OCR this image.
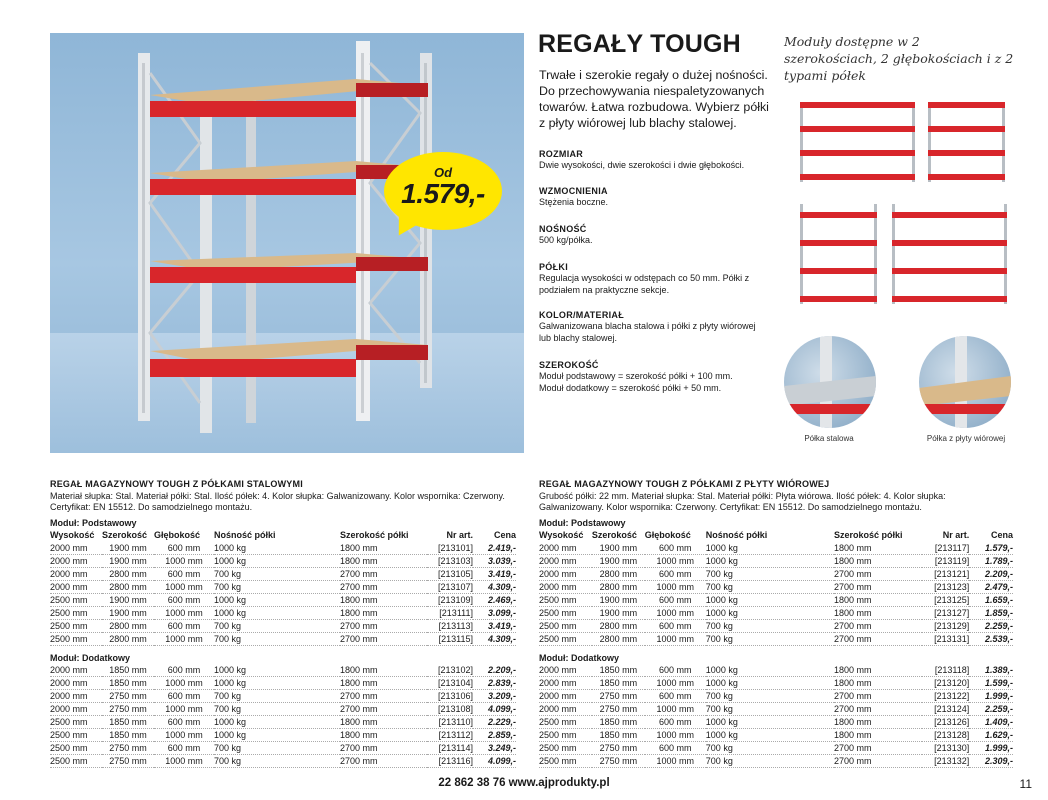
Od
1.579,-
REGAŁY TOUGH
Trwałe i szerokie regały o dużej nośności. Do przechowywania niespaletyzowanych towarów. Łatwa rozbudowa. Wybierz półki z płyty wiórowej lub blachy stalowej.
ROZMIAR

Dwie wysokości, dwie szerokości i dwie głębokości.

WZMOCNIENIA

Stężenia boczne.

NOŚNOŚĆ

500 kg/półka.

PÓŁKI

Regulacja wysokości w odstępach co 50 mm. Półki z podziałem na praktyczne sekcje.

KOLOR/MATERIAŁ

Galwanizowana blacha stalowa i półki z płyty wiórowej lub blachy stalowej.

SZEROKOŚĆ

Moduł podstawowy = szerokość półki + 100 mm.
Moduł dodatkowy = szerokość półki + 50 mm.

Moduły dostępne w 2 szerokościach, 2 głębokościach i z 2 typami półek
Półka stalowa	Półka z płyty wiórowej
REGAŁ MAGAZYNOWY TOUGH Z PÓŁKAMI STALOWYMI
Materiał słupka: Stal. Materiał półki: Stal. Ilość półek: 4. Kolor słupka: Galwanizowany. Kolor wspornika: Czerwony. Certyfikat: EN 15512. Do samodzielnego montażu.
Moduł: Podstawowy
Wysokość	Szerokość	Głębokość	Nośność półki	Szerokość półki	Nr art.	Cena
2000 mm	1900 mm	600 mm	1000 kg	1800 mm	[213101]	2.419,-
2000 mm	1900 mm	1000 mm	1000 kg	1800 mm	[213103]	3.039,-
2000 mm	2800 mm	600 mm	700 kg	2700 mm	[213105]	3.419,-
2000 mm	2800 mm	1000 mm	700 kg	2700 mm	[213107]	4.309,-
2500 mm	1900 mm	600 mm	1000 kg	1800 mm	[213109]	2.469,-
2500 mm	1900 mm	1000 mm	1000 kg	1800 mm	[213111]	3.099,-
2500 mm	2800 mm	600 mm	700 kg	2700 mm	[213113]	3.419,-
2500 mm	2800 mm	1000 mm	700 kg	2700 mm	[213115]	4.309,-
Moduł: Dodatkowy
2000 mm	1850 mm	600 mm	1000 kg	1800 mm	[213102]	2.209,-
2000 mm	1850 mm	1000 mm	1000 kg	1800 mm	[213104]	2.839,-
2000 mm	2750 mm	600 mm	700 kg	2700 mm	[213106]	3.209,-
2000 mm	2750 mm	1000 mm	700 kg	2700 mm	[213108]	4.099,-
2500 mm	1850 mm	600 mm	1000 kg	1800 mm	[213110]	2.229,-
2500 mm	1850 mm	1000 mm	1000 kg	1800 mm	[213112]	2.859,-
2500 mm	2750 mm	600 mm	700 kg	2700 mm	[213114]	3.249,-
2500 mm	2750 mm	1000 mm	700 kg	2700 mm	[213116]	4.099,-
REGAŁ MAGAZYNOWY TOUGH Z PÓŁKAMI Z PŁYTY WIÓROWEJ
Grubość półki: 22 mm. Materiał słupka: Stal. Materiał półki: Płyta wiórowa. Ilość półek: 4. Kolor słupka: Galwanizowany. Kolor wspornika: Czerwony. Certyfikat: EN 15512. Do samodzielnego montażu.
Moduł: Podstawowy
Wysokość	Szerokość	Głębokość	Nośność półki	Szerokość półki	Nr art.	Cena
2000 mm	1900 mm	600 mm	1000 kg	1800 mm	[213117]	1.579,-
2000 mm	1900 mm	1000 mm	1000 kg	1800 mm	[213119]	1.789,-
2000 mm	2800 mm	600 mm	700 kg	2700 mm	[213121]	2.209,-
2000 mm	2800 mm	1000 mm	700 kg	2700 mm	[213123]	2.479,-
2500 mm	1900 mm	600 mm	1000 kg	1800 mm	[213125]	1.659,-
2500 mm	1900 mm	1000 mm	1000 kg	1800 mm	[213127]	1.859,-
2500 mm	2800 mm	600 mm	700 kg	2700 mm	[213129]	2.259,-
2500 mm	2800 mm	1000 mm	700 kg	2700 mm	[213131]	2.539,-
Moduł: Dodatkowy
2000 mm	1850 mm	600 mm	1000 kg	1800 mm	[213118]	1.389,-
2000 mm	1850 mm	1000 mm	1000 kg	1800 mm	[213120]	1.599,-
2000 mm	2750 mm	600 mm	700 kg	2700 mm	[213122]	1.999,-
2000 mm	2750 mm	1000 mm	700 kg	2700 mm	[213124]	2.259,-
2500 mm	1850 mm	600 mm	1000 kg	1800 mm	[213126]	1.409,-
2500 mm	1850 mm	1000 mm	1000 kg	1800 mm	[213128]	1.629,-
2500 mm	2750 mm	600 mm	700 kg	2700 mm	[213130]	1.999,-
2500 mm	2750 mm	1000 mm	700 kg	2700 mm	[213132]	2.309,-
22 862 38 76 www.ajprodukty.pl	11
